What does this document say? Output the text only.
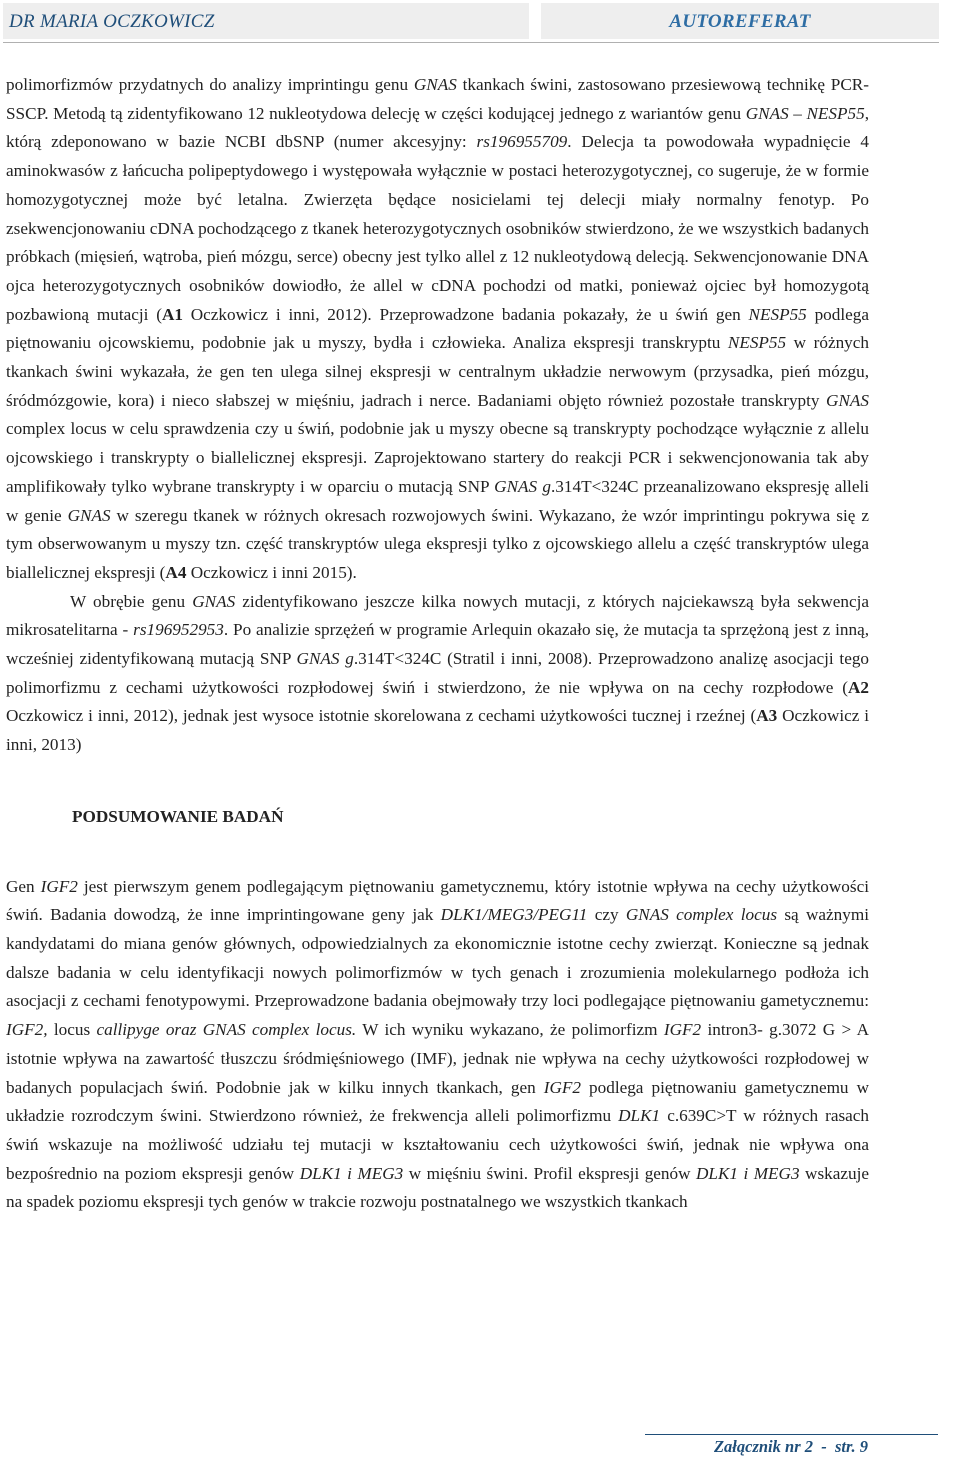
DR MARIA OCZKOWICZ	AUTOREFERAT

polimorfizmów przydatnych do analizy imprintingu genu GNAS tkankach świni, zastosowano przesiewową technikę PCR-SSCP. Metodą tą zidentyfikowano 12 nukleotydowa delecję w części kodującej jednego z wariantów genu GNAS – NESP55, którą zdeponowano w bazie NCBI dbSNP (numer akcesyjny: rs196955709. Delecja ta powodowała wypadnięcie 4 aminokwasów z łańcucha polipeptydowego i występowała wyłącznie w postaci heterozygotycznej, co sugeruje, że w formie homozygotycznej może być letalna. Zwierzęta będące nosicielami tej delecji miały normalny fenotyp. Po zsekwencjonowaniu cDNA pochodzącego z tkanek heterozygotycznych osobników stwierdzono, że we wszystkich badanych próbkach (mięsień, wątroba, pień mózgu, serce) obecny jest tylko allel z 12 nukleotydową delecją. Sekwencjonowanie DNA ojca heterozygotycznych osobników dowiodło, że allel w cDNA pochodzi od matki, ponieważ ojciec był homozygotą pozbawioną mutacji (A1 Oczkowicz i inni, 2012). Przeprowadzone badania pokazały, że u świń gen NESP55 podlega piętnowaniu ojcowskiemu, podobnie jak u myszy, bydła i człowieka. Analiza ekspresji transkryptu NESP55 w różnych tkankach świni wykazała, że gen ten ulega silnej ekspresji w centralnym układzie nerwowym (przysadka, pień mózgu, śródmózgowie, kora) i nieco słabszej w mięśniu, jadrach i nerce. Badaniami objęto również pozostałe transkrypty GNAS complex locus w celu sprawdzenia czy u świń, podobnie jak u myszy obecne są transkrypty pochodzące wyłącznie z allelu ojcowskiego i transkrypty o biallelicznej ekspresji. Zaprojektowano startery do reakcji PCR i sekwencjonowania tak aby amplifikowały tylko wybrane transkrypty i w oparciu o mutacją SNP GNAS g.314T<324C przeanalizowano ekspresję alleli w genie GNAS w szeregu tkanek w różnych okresach rozwojowych świni. Wykazano, że wzór imprintingu pokrywa się z tym obserwowanym u myszy tzn. część transkryptów ulega ekspresji tylko z ojcowskiego allelu a część transkryptów ulega biallelicznej ekspresji (A4 Oczkowicz i inni 2015).

W obrębie genu GNAS zidentyfikowano jeszcze kilka nowych mutacji, z których najciekawszą była sekwencja mikrosatelitarna - rs196952953. Po analizie sprzężeń w programie Arlequin okazało się, że mutacja ta sprzężoną jest z inną, wcześniej zidentyfikowaną mutacją SNP GNAS g.314T<324C (Stratil i inni, 2008). Przeprowadzono analizę asocjacji tego polimorfizmu z cechami użytkowości rozpłodowej świń i stwierdzono, że nie wpływa on na cechy rozpłodowe (A2 Oczkowicz i inni, 2012), jednak jest wysoce istotnie skorelowana z cechami użytkowości tucznej i rzeźnej (A3 Oczkowicz i inni, 2013)

PODSUMOWANIE BADAŃ

Gen IGF2 jest pierwszym genem podlegającym piętnowaniu gametycznemu, który istotnie wpływa na cechy użytkowości świń. Badania dowodzą, że inne imprintingowane geny jak DLK1/MEG3/PEG11 czy GNAS complex locus są ważnymi kandydatami do miana genów głównych, odpowiedzialnych za ekonomicznie istotne cechy zwierząt. Konieczne są jednak dalsze badania w celu identyfikacji nowych polimorfizmów w tych genach i zrozumienia molekularnego podłoża ich asocjacji z cechami fenotypowymi. Przeprowadzone badania obejmowały trzy loci podlegające piętnowaniu gametycznemu: IGF2, locus callipyge oraz GNAS complex locus. W ich wyniku wykazano, że polimorfizm IGF2 intron3- g.3072 G > A istotnie wpływa na zawartość tłuszczu śródmięśniowego (IMF), jednak nie wpływa na cechy użytkowości rozpłodowej w badanych populacjach świń. Podobnie jak w kilku innych tkankach, gen IGF2 podlega piętnowaniu gametycznemu w układzie rozrodczym świni. Stwierdzono również, że frekwencja alleli polimorfizmu DLK1 c.639C>T w różnych rasach świń wskazuje na możliwość udziału tej mutacji w kształtowaniu cech użytkowości świń, jednak nie wpływa ona bezpośrednio na poziom ekspresji genów DLK1 i MEG3 w mięśniu świni. Profil ekspresji genów DLK1 i MEG3 wskazuje na spadek poziomu ekspresji tych genów w trakcie rozwoju postnatalnego we wszystkich tkankach

Załącznik nr 2  -  str. 9
